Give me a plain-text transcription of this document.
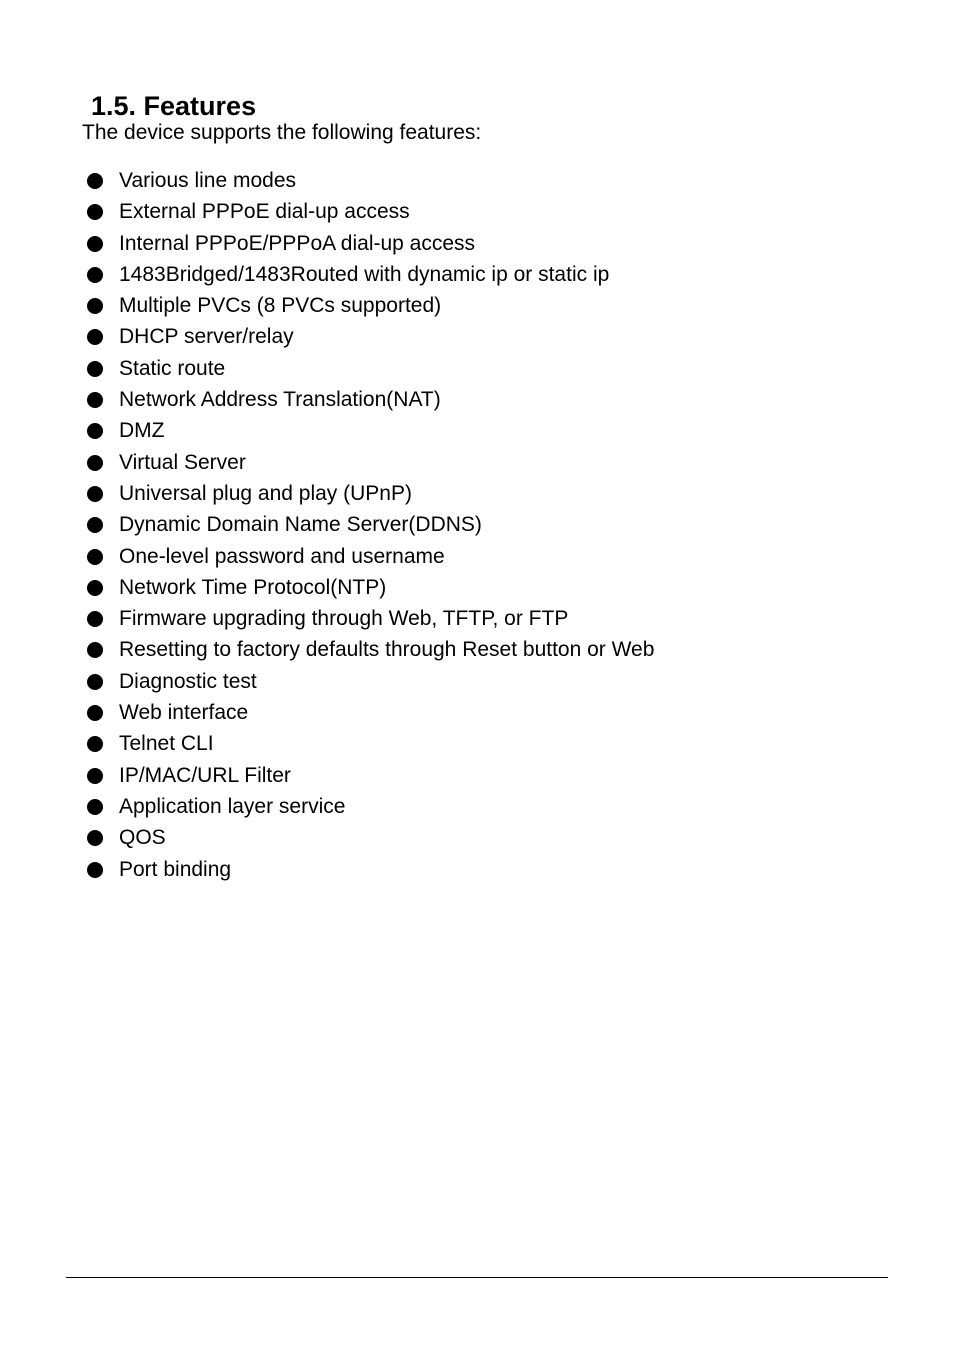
1.5. Features

The device supports the following features:

Various line modes
External PPPoE dial-up access
Internal PPPoE/PPPoA dial-up access
1483Bridged/1483Routed with dynamic ip or static ip
Multiple PVCs (8 PVCs supported)
DHCP server/relay
Static route
Network Address Translation(NAT)
DMZ
Virtual Server
Universal plug and play (UPnP)
Dynamic Domain Name Server(DDNS)
One-level password and username
Network Time Protocol(NTP)
Firmware upgrading through Web, TFTP, or FTP
Resetting to factory defaults through Reset button or Web
Diagnostic test
Web interface
Telnet CLI
IP/MAC/URL Filter
Application layer service
QOS
Port binding
